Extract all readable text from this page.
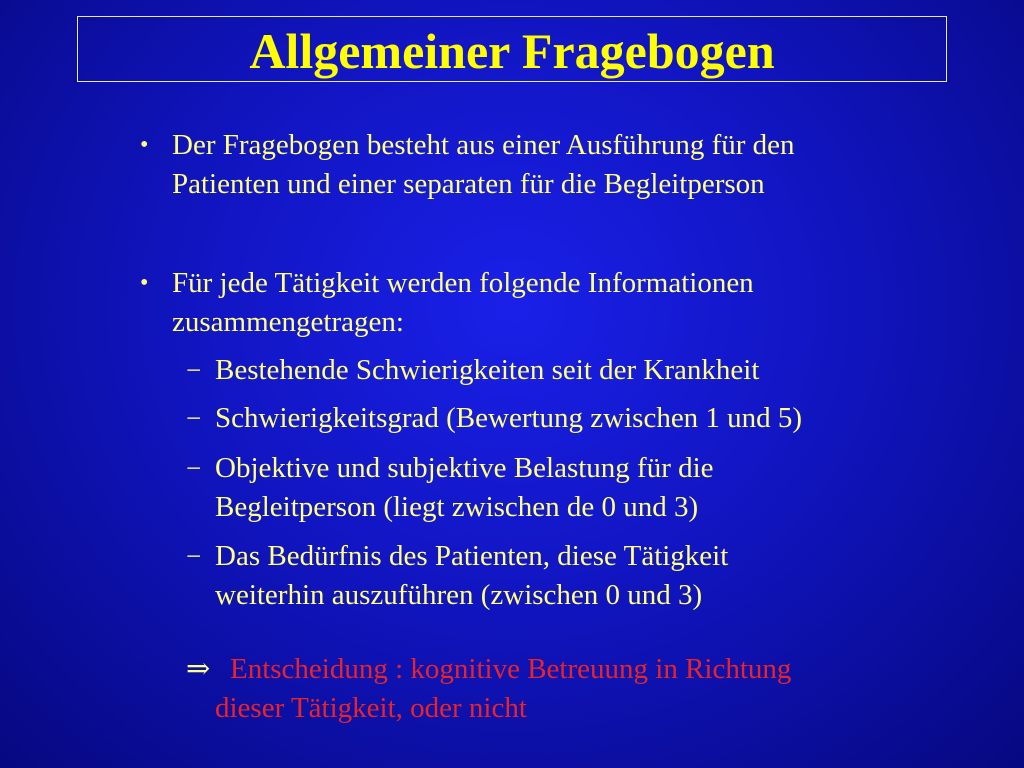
Allgemeiner Fragebogen
• Der Fragebogen besteht aus einer Ausführung für den
Patienten und einer separaten für die Begleitperson
• Für jede Tätigkeit werden folgende Informationen
zusammengetragen:
− Bestehende Schwierigkeiten seit der Krankheit
− Schwierigkeitsgrad (Bewertung zwischen 1 und 5)
− Objektive und subjektive Belastung für die
Begleitperson (liegt zwischen de 0 und 3)
− Das Bedürfnis des Patienten, diese Tätigkeit
weiterhin auszuführen (zwischen 0 und 3)
⇒ Entscheidung : kognitive Betreuung in Richtung
dieser Tätigkeit, oder nicht
